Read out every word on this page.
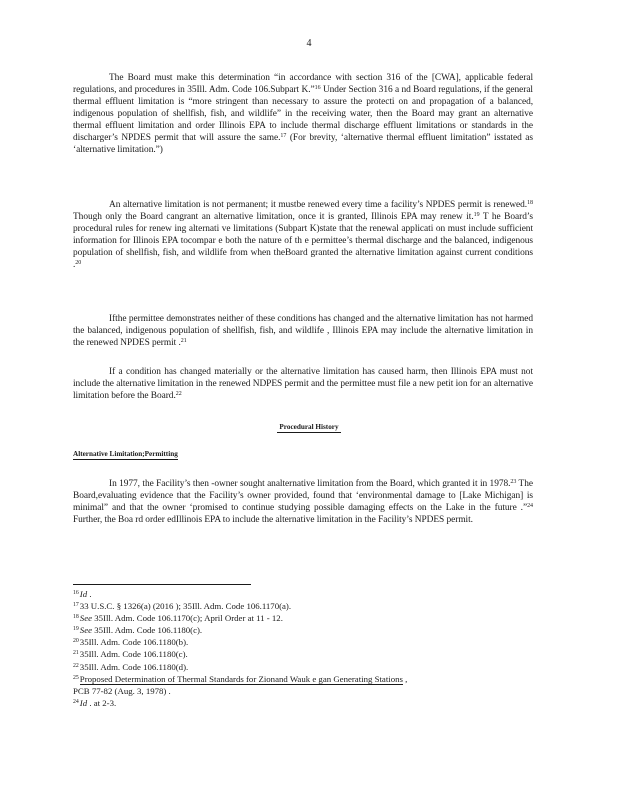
4

The Board must make this determination “in accordance with section 316 of the [CWA], applicable federal regulations, and procedures in 35Ill. Adm. Code 106.Subpart K.”$^{16}$ Under Section 316 a nd Board regulations, if the general thermal effluent limitation is “more stringent than necessary to assure the protecti on and propagation of a balanced, indigenous population of shellfish, fish, and wildlife” in the receiving water, then the Board may grant an alternative thermal effluent limitation and order Illinois EPA to include thermal discharge effluent limitations or standards in the discharger’s NPDES permit that will assure the same.$^{17}$ (For brevity, ‘alternative thermal effluent limitation” isstated as ‘alternative limitation.”)

An alternative limitation is not permanent; it mustbe renewed every time a facility’s NPDES permit is renewed.$^{18}$ Though only the Board cangrant an alternative limitation, once it is granted, Illinois EPA may renew it.$^{19}$ T he Board’s procedural rules for renew ing alternati ve limitations (Subpart K)state that the renewal applicati on must include sufficient information for Illinois EPA tocompar e both the nature of th e permittee’s thermal discharge and the balanced, indigenous population of shellfish, fish, and wildlife from when theBoard granted the alternative limitation against current conditions .$^{20}$

Ifthe permittee demonstrates neither of these conditions has changed and the alternative limitation has not harmed the balanced, indigenous population of shellfish, fish, and wildlife , Illinois EPA may include the alternative limitation in the renewed NPDES permit .$^{21}$

If a condition has changed materially or the alternative limitation has caused harm, then Illinois EPA must not include the alternative limitation in the renewed NDPES permit and the permittee must file a new petit ion for an alternative limitation before the Board.$^{22}$

Procedural History
Alternative Limitation;Permitting

In 1977, the Facility’s then -owner sought analternative limitation from the Board, which granted it in 1978.23 The Board,evaluating evidence that the Facility’s owner provided, found that ‘environmental damage to [Lake Michigan] is minimal” and that the owner ‘promised to continue studying possible damaging effects on the Lake in the future .”$^{24}$ Further, the Boa rd order edIllinois EPA to include the alternative limitation in the Facility’s NPDES permit.

$^{16}$Id .
$^{17}$33 U.S.C. § 1326(a) (2016 ); 35Ill. Adm. Code 106.1170(a).
$^{18}$See 35Ill. Adm. Code 106.1170(c); April Order at 11 - 12.
$^{19}$See 35Ill. Adm. Code 106.1180(c).
$^{20}$35Ill. Adm. Code 106.1180(b).
$^{21}$35Ill. Adm. Code 106.1180(c).
$^{22}$35Ill. Adm. Code 106.1180(d).
$^{25}$Proposed Determination of Thermal Standards for Zionand Wauk e gan Generating Stations ,
PCB 77-82 (Aug. 3, 1978) .
$^{24}$Id . at 2-3.
